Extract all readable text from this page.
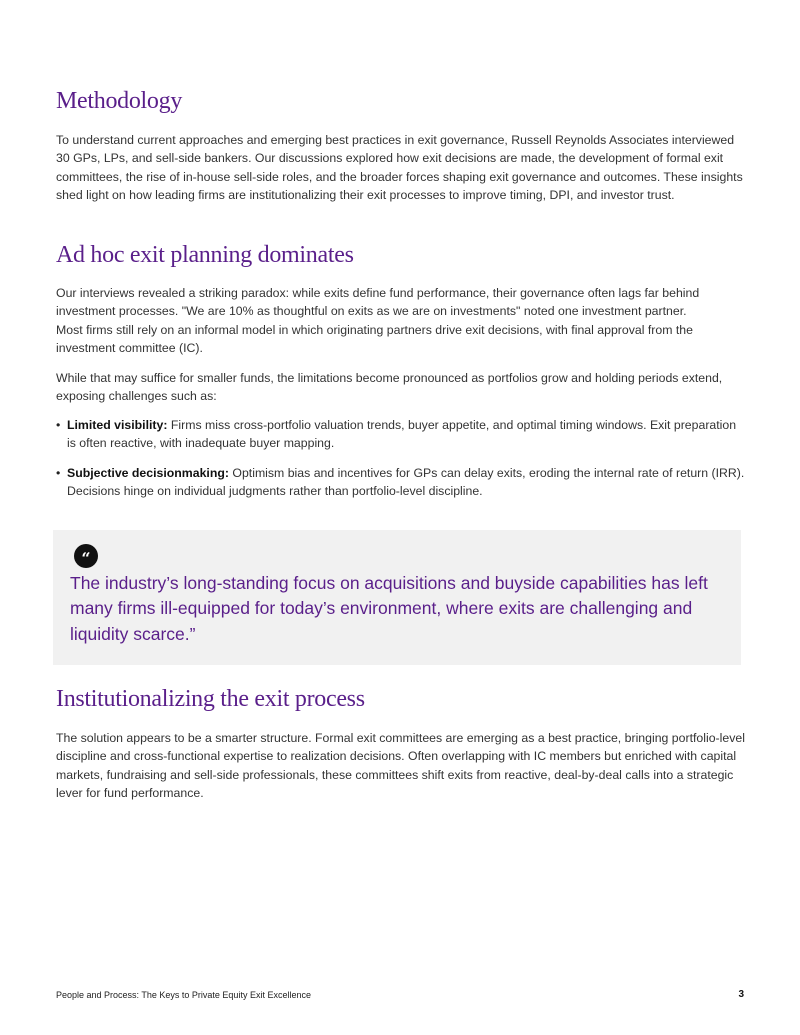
Methodology

To understand current approaches and emerging best practices in exit governance, Russell Reynolds Associates interviewed 30 GPs, LPs, and sell-side bankers. Our discussions explored how exit decisions are made, the development of formal exit committees, the rise of in-house sell-side roles, and the broader forces shaping exit governance and outcomes. These insights shed light on how leading firms are institutionalizing their exit processes to improve timing, DPI, and investor trust.

Ad hoc exit planning dominates

Our interviews revealed a striking paradox: while exits define fund performance, their governance often lags far behind investment processes. "We are 10% as thoughtful on exits as we are on investments" noted one investment partner.

Most firms still rely on an informal model in which originating partners drive exit decisions, with final approval from the investment committee (IC).

While that may suffice for smaller funds, the limitations become pronounced as portfolios grow and holding periods extend, exposing challenges such as:

• Limited visibility: Firms miss cross-portfolio valuation trends, buyer appetite, and optimal timing windows. Exit preparation is often reactive, with inadequate buyer mapping.
• Subjective decisionmaking: Optimism bias and incentives for GPs can delay exits, eroding the internal rate of return (IRR). Decisions hinge on individual judgments rather than portfolio-level discipline.
Institutionalizing the exit process

The solution appears to be a smarter structure. Formal exit committees are emerging as a best practice, bringing portfolio-level discipline and cross-functional expertise to realization decisions. Often overlapping with IC members but enriched with capital markets, fundraising and sell-side professionals, these committees shift exits from reactive, deal-by-deal calls into a strategic lever for fund performance.

“
The industry’s long-standing focus on acquisitions and buyside capabilities has left many firms ill-equipped for today’s environment, where exits are challenging and liquidity scarce.”
People and Process: The Keys to Private Equity Exit Excellence	3
